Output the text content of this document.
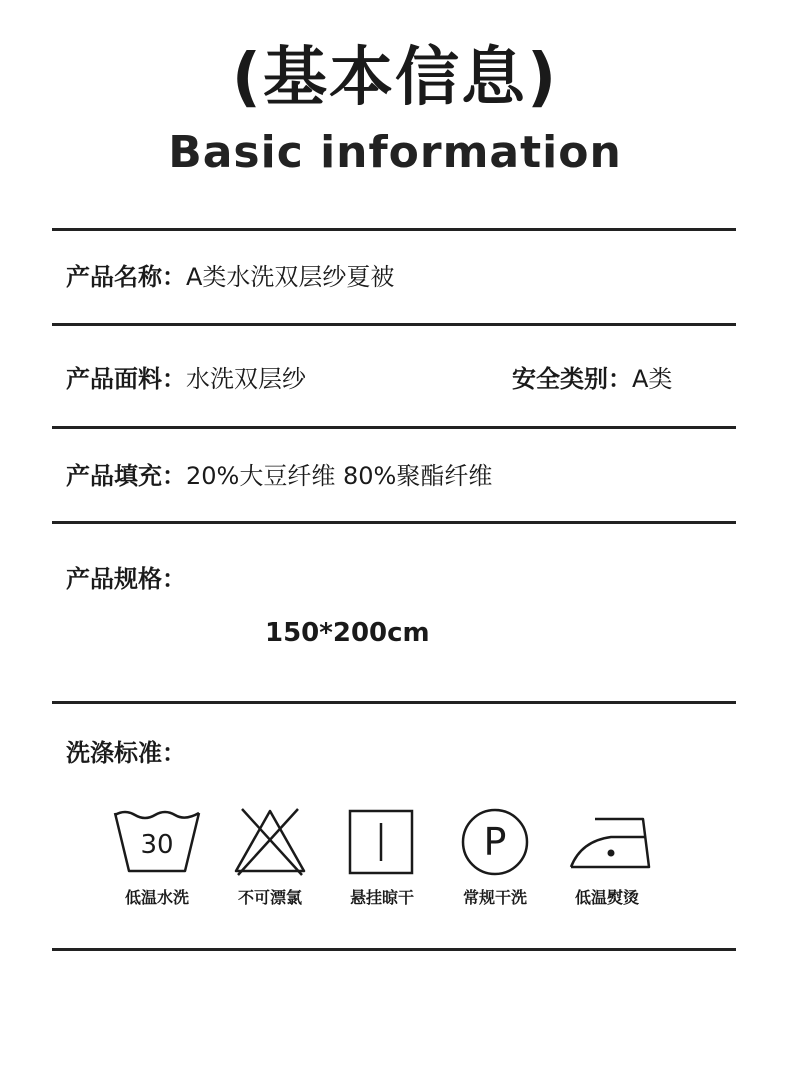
(基本信息)
Basic information
产品名称：A类水洗双层纱夏被
产品面料：水洗双层纱	安全类别：A类
产品填充：20%大豆纤维 80%聚酯纤维
产品规格：
150*200cm
洗涤标准：
30
低温水洗	不可漂氯	悬挂晾干
P
常规干洗	低温熨烫
